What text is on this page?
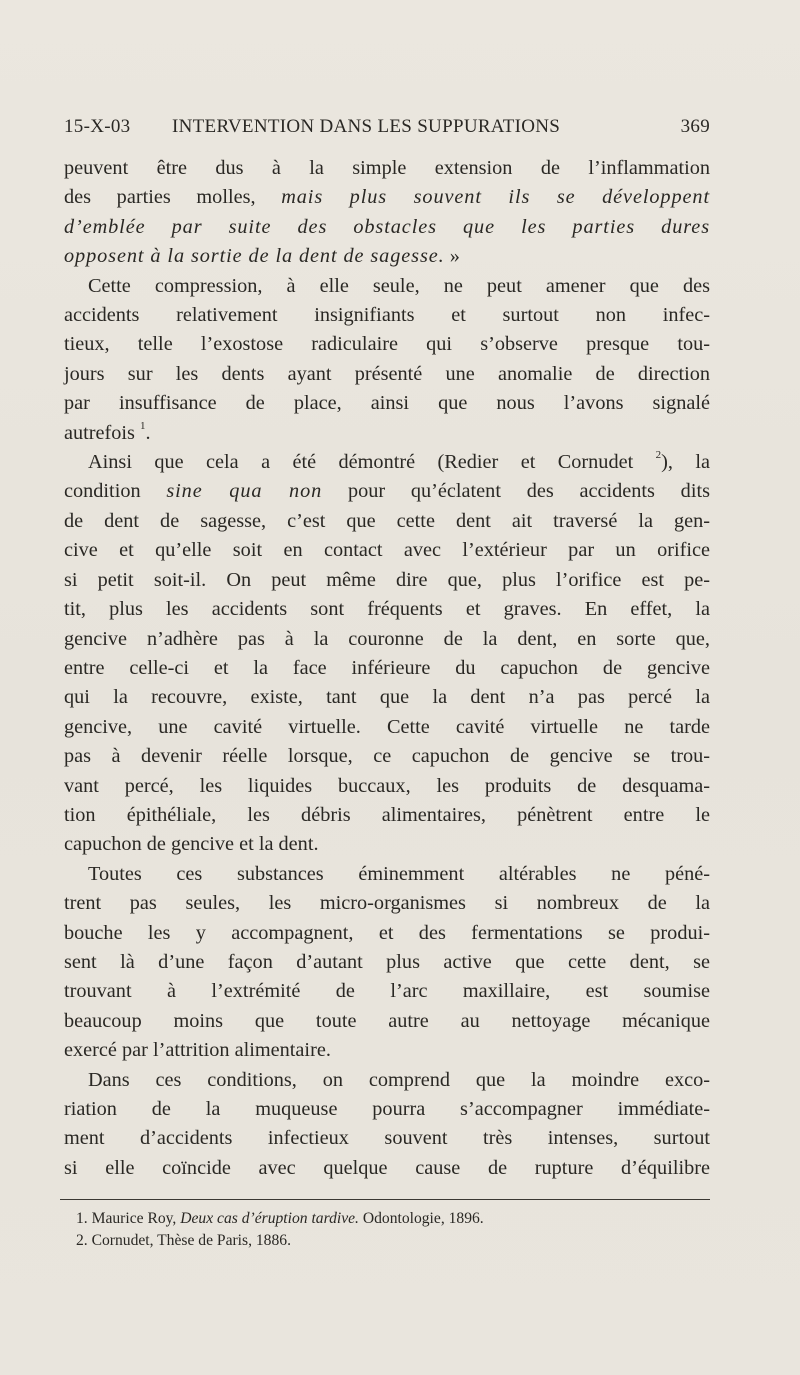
15-X-03 INTERVENTION DANS LES SUPPURATIONS	369

peuvent être dus à la simple extension de l’inflammation

des parties molles, mais plus souvent ils se développent

d’emblée par suite des obstacles que les parties dures

opposent à la sortie de la dent de sagesse. »

Cette compression, à elle seule, ne peut amener que des

accidents relativement insignifiants et surtout non infec-

tieux, telle l’exostose radiculaire qui s’observe presque tou-

jours sur les dents ayant présenté une anomalie de direction

par insuffisance de place, ainsi que nous l’avons signalé

autrefois $^1$.

Ainsi que cela a été démontré (Redier et Cornudet $^2$), la

condition sine qua non pour qu’éclatent des accidents dits

de dent de sagesse, c’est que cette dent ait traversé la gen-

cive et qu’elle soit en contact avec l’extérieur par un orifice

si petit soit-il. On peut même dire que, plus l’orifice est pe-

tit, plus les accidents sont fréquents et graves. En effet, la

gencive n’adhère pas à la couronne de la dent, en sorte que,

entre celle-ci et la face inférieure du capuchon de gencive

qui la recouvre, existe, tant que la dent n’a pas percé la

gencive, une cavité virtuelle. Cette cavité virtuelle ne tarde

pas à devenir réelle lorsque, ce capuchon de gencive se trou-

vant percé, les liquides buccaux, les produits de desquama-

tion épithéliale, les débris alimentaires, pénètrent entre le

capuchon de gencive et la dent.

Toutes ces substances éminemment altérables ne péné-

trent pas seules, les micro-organismes si nombreux de la

bouche les y accompagnent, et des fermentations se produi-

sent là d’une façon d’autant plus active que cette dent, se

trouvant à l’extrémité de l’arc maxillaire, est soumise

beaucoup moins que toute autre au nettoyage mécanique

exercé par l’attrition alimentaire.

Dans ces conditions, on comprend que la moindre exco-

riation de la muqueuse pourra s’accompagner immédiate-

ment d’accidents infectieux souvent très intenses, surtout

si elle coïncide avec quelque cause de rupture d’équilibre

1. Maurice Roy, Deux cas d’éruption tardive. Odontologie, 1896.
2. Cornudet, Thèse de Paris, 1886.
